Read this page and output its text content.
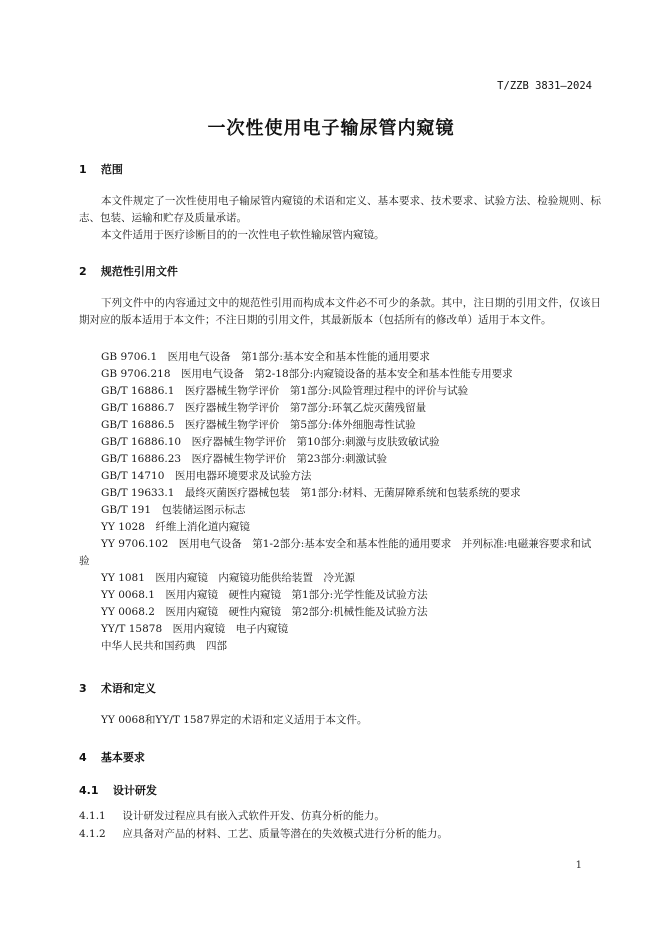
T/ZZB 3831—2024
一次性使用电子输尿管内窥镜
1 范围
本文件规定了一次性使用电子输尿管内窥镜的术语和定义、基本要求、技术要求、试验方法、检验规则、标志、包装、运输和贮存及质量承诺。
本文件适用于医疗诊断目的的一次性电子软性输尿管内窥镜。
2 规范性引用文件
下列文件中的内容通过文中的规范性引用而构成本文件必不可少的条款。其中，注日期的引用文件，仅该日期对应的版本适用于本文件；不注日期的引用文件，其最新版本（包括所有的修改单）适用于本文件。
GB 9706.1　医用电气设备　第1部分:基本安全和基本性能的通用要求
GB 9706.218　医用电气设备　第2-18部分:内窥镜设备的基本安全和基本性能专用要求
GB/T 16886.1　医疗器械生物学评价　第1部分:风险管理过程中的评价与试验
GB/T 16886.7　医疗器械生物学评价　第7部分:环氧乙烷灭菌残留量
GB/T 16886.5　医疗器械生物学评价　第5部分:体外细胞毒性试验
GB/T 16886.10　医疗器械生物学评价　第10部分:刺激与皮肤致敏试验
GB/T 16886.23　医疗器械生物学评价　第23部分:刺激试验
GB/T 14710　医用电器环境要求及试验方法
GB/T 19633.1　最终灭菌医疗器械包装　第1部分:材料、无菌屏障系统和包装系统的要求
GB/T 191　包装储运图示标志
YY 1028　纤维上消化道内窥镜
YY 9706.102　医用电气设备　第1-2部分:基本安全和基本性能的通用要求　并列标准:电磁兼容要求和试验
YY 1081　医用内窥镜　内窥镜功能供给装置　冷光源
YY 0068.1　医用内窥镜　硬性内窥镜　第1部分:光学性能及试验方法
YY 0068.2　医用内窥镜　硬性内窥镜　第2部分:机械性能及试验方法
YY/T 15878　医用内窥镜　电子内窥镜
中华人民共和国药典　四部
3 术语和定义
YY 0068和YY/T 1587界定的术语和定义适用于本文件。
4 基本要求
4.1 设计研发
4.1.1 设计研发过程应具有嵌入式软件开发、仿真分析的能力。
4.1.2 应具备对产品的材料、工艺、质量等潜在的失效模式进行分析的能力。
1
